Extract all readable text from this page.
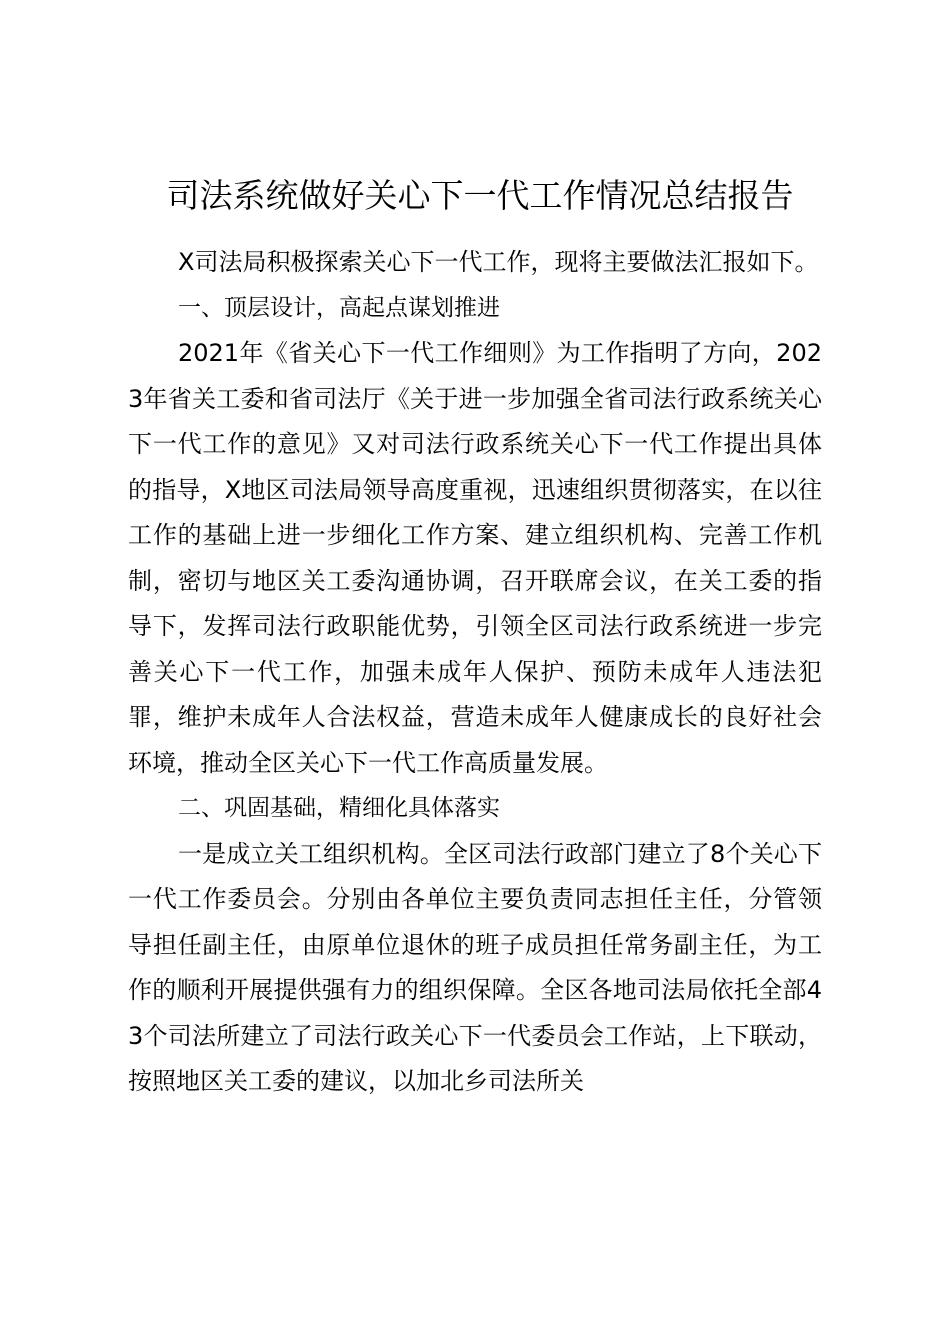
司法系统做好关心下一代工作情况总结报告

X司法局积极探索关心下一代工作，现将主要做法汇报如下。

一、顶层设计，高起点谋划推进

2021年《省关心下一代工作细则》为工作指明了方向，2023年省关工委和省司法厅《关于进一步加强全省司法行政系统关心下一代工作的意见》又对司法行政系统关心下一代工作提出具体的指导，X地区司法局领导高度重视，迅速组织贯彻落实，在以往工作的基础上进一步细化工作方案、建立组织机构、完善工作机制，密切与地区关工委沟通协调，召开联席会议，在关工委的指导下，发挥司法行政职能优势，引领全区司法行政系统进一步完善关心下一代工作，加强未成年人保护、预防未成年人违法犯罪，维护未成年人合法权益，营造未成年人健康成长的良好社会环境，推动全区关心下一代工作高质量发展。

二、巩固基础，精细化具体落实

一是成立关工组织机构。全区司法行政部门建立了8个关心下一代工作委员会。分别由各单位主要负责同志担任主任，分管领导担任副主任，由原单位退休的班子成员担任常务副主任，为工作的顺利开展提供强有力的组织保障。全区各地司法局依托全部43个司法所建立了司法行政关心下一代委员会工作站，上下联动，按照地区关工委的建议，以加北乡司法所关
